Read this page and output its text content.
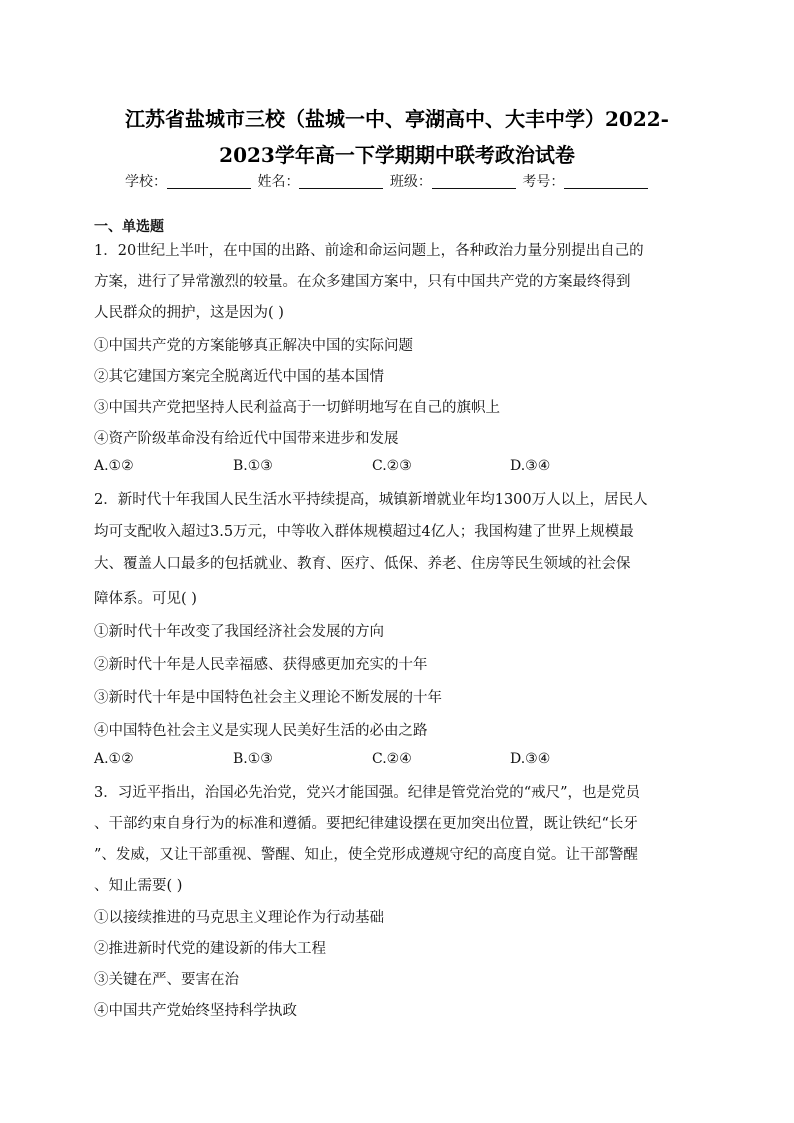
江苏省盐城市三校（盐城一中、亭湖高中、大丰中学）2022-
2023学年高一下学期期中联考政治试卷
学校：	姓名：	班级：	考号：
一、单选题
1．20世纪上半叶，在中国的出路、前途和命运问题上，各种政治力量分别提出自己的
方案，进行了异常激烈的较量。在众多建国方案中，只有中国共产党的方案最终得到
人民群众的拥护，这是因为( )
①中国共产党的方案能够真正解决中国的实际问题
②其它建国方案完全脱离近代中国的基本国情
③中国共产党把坚持人民利益高于一切鲜明地写在自己的旗帜上
④资产阶级革命没有给近代中国带来进步和发展
A.①②	B.①③	C.②③	D.③④
2．新时代十年我国人民生活水平持续提高，城镇新增就业年均1300万人以上，居民人
均可支配收入超过3.5万元，中等收入群体规模超过4亿人；我国构建了世界上规模最
大、覆盖人口最多的包括就业、教育、医疗、低保、养老、住房等民生领域的社会保
障体系。可见( )
①新时代十年改变了我国经济社会发展的方向
②新时代十年是人民幸福感、获得感更加充实的十年
③新时代十年是中国特色社会主义理论不断发展的十年
④中国特色社会主义是实现人民美好生活的必由之路
A.①②	B.①③	C.②④	D.③④
3．习近平指出，治国必先治党，党兴才能国强。纪律是管党治党的“戒尺”，也是党员
、干部约束自身行为的标准和遵循。要把纪律建设摆在更加突出位置，既让铁纪“长牙
”、发威，又让干部重视、警醒、知止，使全党形成遵规守纪的高度自觉。让干部警醒
、知止需要( )
①以接续推进的马克思主义理论作为行动基础
②推进新时代党的建设新的伟大工程
③关键在严、要害在治
④中国共产党始终坚持科学执政
